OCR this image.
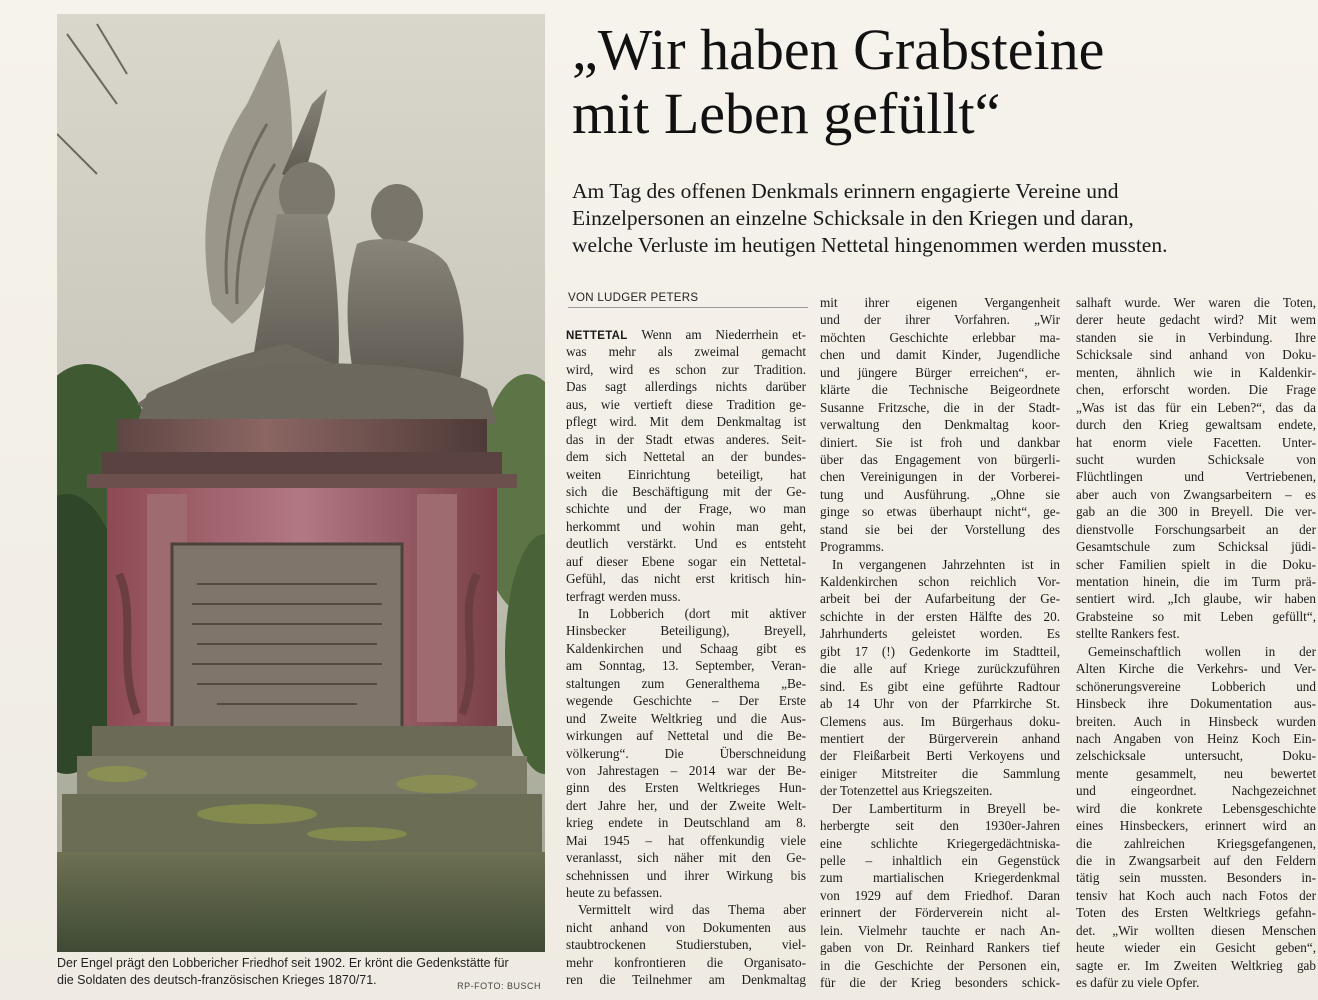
Der Engel prägt den Lobbericher Friedhof seit 1902. Er krönt die Gedenkstätte für
die Soldaten des deutsch-französischen Krieges 1870/71.	RP-FOTO: BUSCH
„Wir haben Grabsteine
mit Leben gefüllt“
Am Tag des offenen Denkmals erinnern engagierte Vereine und
Einzelpersonen an einzelne Schicksale in den Kriegen und daran,
welche Verluste im heutigen Nettetal hingenommen werden mussten.
VON LUDGER PETERS
NETTETAL Wenn am Niederrhein et-
was mehr als zweimal gemacht
wird, wird es schon zur Tradition.
Das sagt allerdings nichts darüber
aus, wie vertieft diese Tradition ge-
pflegt wird. Mit dem Denkmaltag ist
das in der Stadt etwas anderes. Seit-
dem sich Nettetal an der bundes-
weiten Einrichtung beteiligt, hat
sich die Beschäftigung mit der Ge-
schichte und der Frage, wo man
herkommt und wohin man geht,
deutlich verstärkt. Und es entsteht
auf dieser Ebene sogar ein Nettetal-
Gefühl, das nicht erst kritisch hin-
terfragt werden muss.
In Lobberich (dort mit aktiver
Hinsbecker Beteiligung), Breyell,
Kaldenkirchen und Schaag gibt es
am Sonntag, 13. September, Veran-
staltungen zum Generalthema „Be-
wegende Geschichte – Der Erste
und Zweite Weltkrieg und die Aus-
wirkungen auf Nettetal und die Be-
völkerung“. Die Überschneidung
von Jahrestagen – 2014 war der Be-
ginn des Ersten Weltkrieges Hun-
dert Jahre her, und der Zweite Welt-
krieg endete in Deutschland am 8.
Mai 1945 – hat offenkundig viele
veranlasst, sich näher mit den Ge-
schehnissen und ihrer Wirkung bis
heute zu befassen.
Vermittelt wird das Thema aber
nicht anhand von Dokumenten aus
staubtrockenen Studierstuben, viel-
mehr konfrontieren die Organisato-
ren die Teilnehmer am Denkmaltag
mit ihrer eigenen Vergangenheit
und der ihrer Vorfahren. „Wir
möchten Geschichte erlebbar ma-
chen und damit Kinder, Jugendliche
und jüngere Bürger erreichen“, er-
klärte die Technische Beigeordnete
Susanne Fritzsche, die in der Stadt-
verwaltung den Denkmaltag koor-
diniert. Sie ist froh und dankbar
über das Engagement von bürgerli-
chen Vereinigungen in der Vorberei-
tung und Ausführung. „Ohne sie
ginge so etwas überhaupt nicht“, ge-
stand sie bei der Vorstellung des
Programms.
In vergangenen Jahrzehnten ist in
Kaldenkirchen schon reichlich Vor-
arbeit bei der Aufarbeitung der Ge-
schichte in der ersten Hälfte des 20.
Jahrhunderts geleistet worden. Es
gibt 17 (!) Gedenkorte im Stadtteil,
die alle auf Kriege zurückzuführen
sind. Es gibt eine geführte Radtour
ab 14 Uhr von der Pfarrkirche St.
Clemens aus. Im Bürgerhaus doku-
mentiert der Bürgerverein anhand
der Fleißarbeit Berti Verkoyens und
einiger Mitstreiter die Sammlung
der Totenzettel aus Kriegszeiten.
Der Lambertiturm in Breyell be-
herbergte seit den 1930er-Jahren
eine schlichte Kriegergedächtniska-
pelle – inhaltlich ein Gegenstück
zum martialischen Kriegerdenkmal
von 1929 auf dem Friedhof. Daran
erinnert der Förderverein nicht al-
lein. Vielmehr tauchte er nach An-
gaben von Dr. Reinhard Rankers tief
in die Geschichte der Personen ein,
für die der Krieg besonders schick-
salhaft wurde. Wer waren die Toten,
derer heute gedacht wird? Mit wem
standen sie in Verbindung. Ihre
Schicksale sind anhand von Doku-
menten, ähnlich wie in Kaldenkir-
chen, erforscht worden. Die Frage
„Was ist das für ein Leben?“, das da
durch den Krieg gewaltsam endete,
hat enorm viele Facetten. Unter-
sucht wurden Schicksale von
Flüchtlingen und Vertriebenen,
aber auch von Zwangsarbeitern – es
gab an die 300 in Breyell. Die ver-
dienstvolle Forschungsarbeit an der
Gesamtschule zum Schicksal jüdi-
scher Familien spielt in die Doku-
mentation hinein, die im Turm prä-
sentiert wird. „Ich glaube, wir haben
Grabsteine so mit Leben gefüllt“,
stellte Rankers fest.
Gemeinschaftlich wollen in der
Alten Kirche die Verkehrs- und Ver-
schönerungsvereine Lobberich und
Hinsbeck ihre Dokumentation aus-
breiten. Auch in Hinsbeck wurden
nach Angaben von Heinz Koch Ein-
zelschicksale untersucht, Doku-
mente gesammelt, neu bewertet
und eingeordnet. Nachgezeichnet
wird die konkrete Lebensgeschichte
eines Hinsbeckers, erinnert wird an
die zahlreichen Kriegsgefangenen,
die in Zwangsarbeit auf den Feldern
tätig sein mussten. Besonders in-
tensiv hat Koch auch nach Fotos der
Toten des Ersten Weltkriegs gefahn-
det. „Wir wollten diesen Menschen
heute wieder ein Gesicht geben“,
sagte er. Im Zweiten Weltkrieg gab
es dafür zu viele Opfer.
